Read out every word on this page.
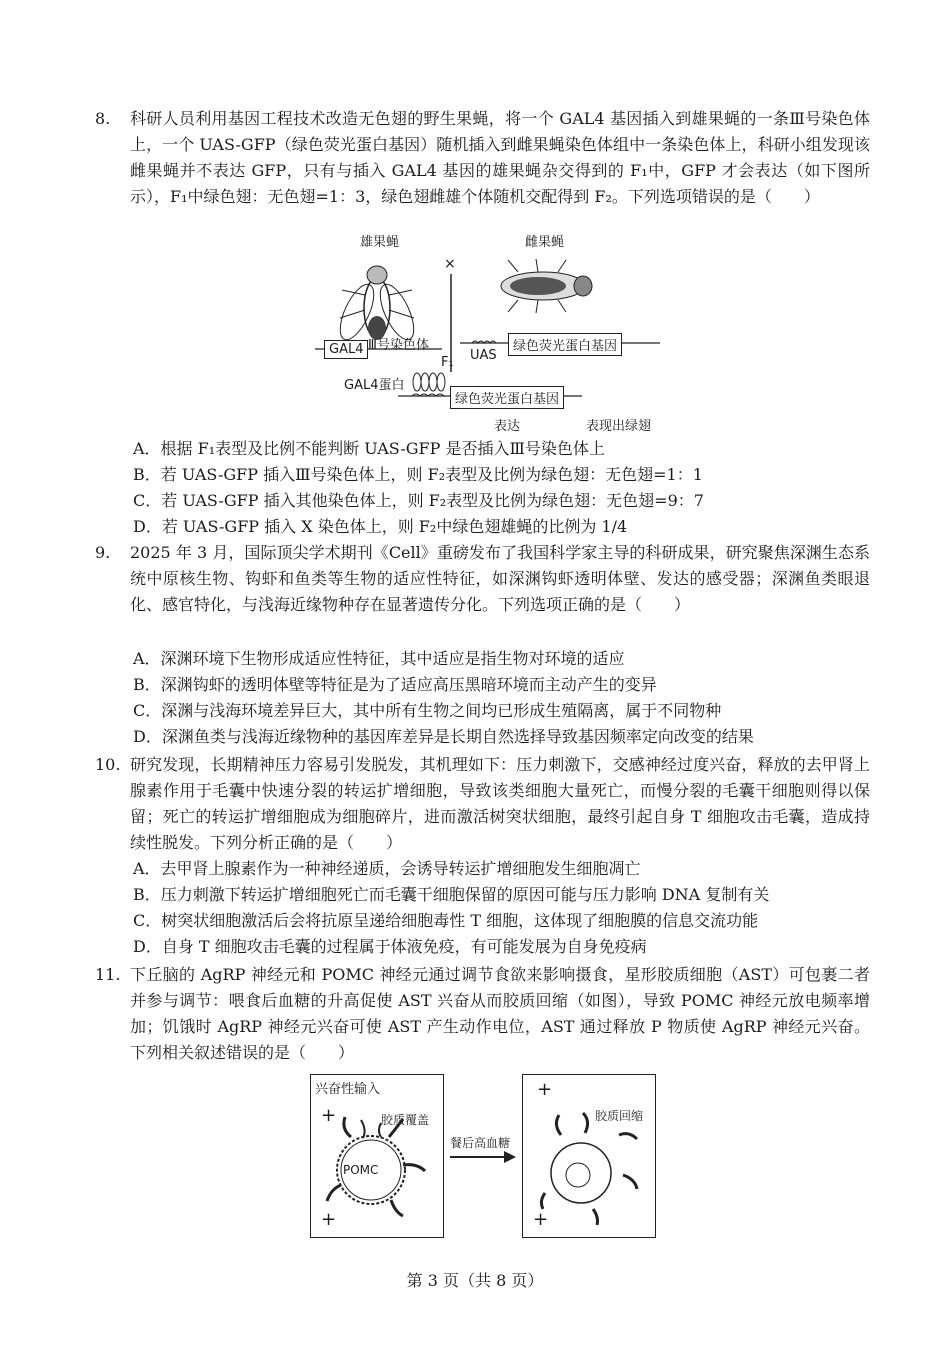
8. 科研人员利用基因工程技术改造无色翅的野生果蝇，将一个 GAL4 基因插入到雄果蝇的一条Ⅲ号染色体上，一个 UAS-GFP（绿色荧光蛋白基因）随机插入到雌果蝇染色体组中一条染色体上，科研小组发现该雌果蝇并不表达 GFP，只有与插入 GAL4 基因的雄果蝇杂交得到的 F₁中，GFP 才会表达（如下图所示），F₁中绿色翅：无色翅=1：3，绿色翅雌雄个体随机交配得到 F₂。下列选项错误的是（　　）
雄果蝇	雌果蝇
×
GAL4 Ⅲ号染色体
UAS
绿色荧光蛋白基因
F₁
GAL4蛋白
绿色荧光蛋白基因
表达	表现出绿翅
A．根据 F₁表型及比例不能判断 UAS-GFP 是否插入Ⅲ号染色体上
B．若 UAS-GFP 插入Ⅲ号染色体上，则 F₂表型及比例为绿色翅：无色翅=1：1
C．若 UAS-GFP 插入其他染色体上，则 F₂表型及比例为绿色翅：无色翅=9：7
D．若 UAS-GFP 插入 X 染色体上，则 F₂中绿色翅雄蝇的比例为 1/4
9. 2025 年 3 月，国际顶尖学术期刊《Cell》重磅发布了我国科学家主导的科研成果，研究聚焦深渊生态系统中原核生物、钩虾和鱼类等生物的适应性特征，如深渊钩虾透明体壁、发达的感受器；深渊鱼类眼退化、感官特化，与浅海近缘物种存在显著遗传分化。下列选项正确的是（　　）
A．深渊环境下生物形成适应性特征，其中适应是指生物对环境的适应
B．深渊钩虾的透明体壁等特征是为了适应高压黑暗环境而主动产生的变异
C．深渊与浅海环境差异巨大，其中所有生物之间均已形成生殖隔离，属于不同物种
D．深渊鱼类与浅海近缘物种的基因库差异是长期自然选择导致基因频率定向改变的结果
10. 研究发现，长期精神压力容易引发脱发，其机理如下：压力刺激下，交感神经过度兴奋，释放的去甲肾上腺素作用于毛囊中快速分裂的转运扩增细胞，导致该类细胞大量死亡，而慢分裂的毛囊干细胞则得以保留；死亡的转运扩增细胞成为细胞碎片，进而激活树突状细胞，最终引起自身 T 细胞攻击毛囊，造成持续性脱发。下列分析正确的是（　　）
A．去甲肾上腺素作为一种神经递质，会诱导转运扩增细胞发生细胞凋亡
B．压力刺激下转运扩增细胞死亡而毛囊干细胞保留的原因可能与压力影响 DNA 复制有关
C．树突状细胞激活后会将抗原呈递给细胞毒性 T 细胞，这体现了细胞膜的信息交流功能
D．自身 T 细胞攻击毛囊的过程属于体液免疫，有可能发展为自身免疫病
11. 下丘脑的 AgRP 神经元和 POMC 神经元通过调节食欲来影响摄食，星形胶质细胞（AST）可包裹二者并参与调节：喂食后血糖的升高促使 AST 兴奋从而胶质回缩（如图），导致 POMC 神经元放电频率增加；饥饿时 AgRP 神经元兴奋可使 AST 产生动作电位，AST 通过释放 P 物质使 AgRP 神经元兴奋。下列相关叙述错误的是（　　）
兴奋性输入
+	胶质覆盖
POMC
+
餐后高血糖
+
胶质回缩
+
第 3 页（共 8 页）
